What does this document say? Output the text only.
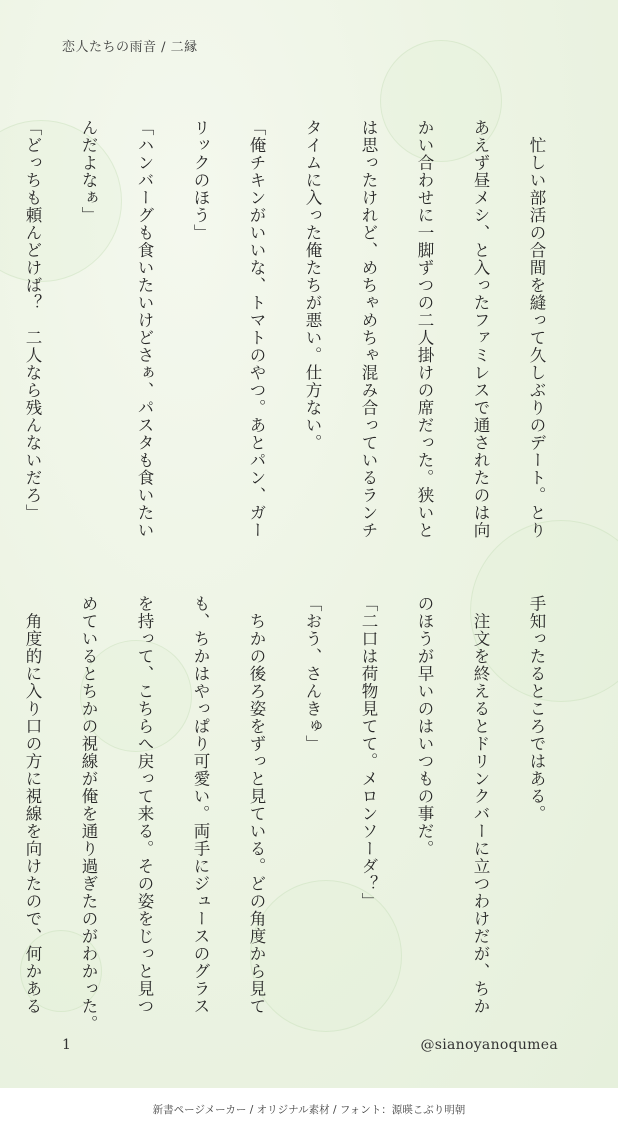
恋人たちの雨音 / 二縁

　忙しい部活の合間を縫って久しぶりのデート。とり

あえず昼メシ、と入ったファミレスで通されたのは向

かい合わせに一脚ずつの二人掛けの席だった。狭いと

は思ったけれど、めちゃめちゃ混み合っているランチ

タイムに入った俺たちが悪い。仕方ない。

「俺チキンがいいな、トマトのやつ。あとパン、ガー

リックのほう」

「ハンバーグも食いたいけどさぁ、パスタも食いたい

んだよなぁ」

「どっちも頼んどけば？　二人なら残んないだろ」

手知ったるところではある。

　注文を終えるとドリンクバーに立つわけだが、ちか

のほうが早いのはいつもの事だ。

「二口は荷物見てて。メロンソーダ？」

「おう、さんきゅ」

　ちかの後ろ姿をずっと見ている。どの角度から見て

も、ちかはやっぱり可愛い。両手にジュースのグラス

を持って、こちらへ戻って来る。その姿をじっと見つ

めているとちかの視線が俺を通り過ぎたのがわかった。

　角度的に入り口の方に視線を向けたので、何かある

1	@sianoyanoqumea
新書ページメーカー / オリジナル素材 / フォント：源暎こぶり明朝
